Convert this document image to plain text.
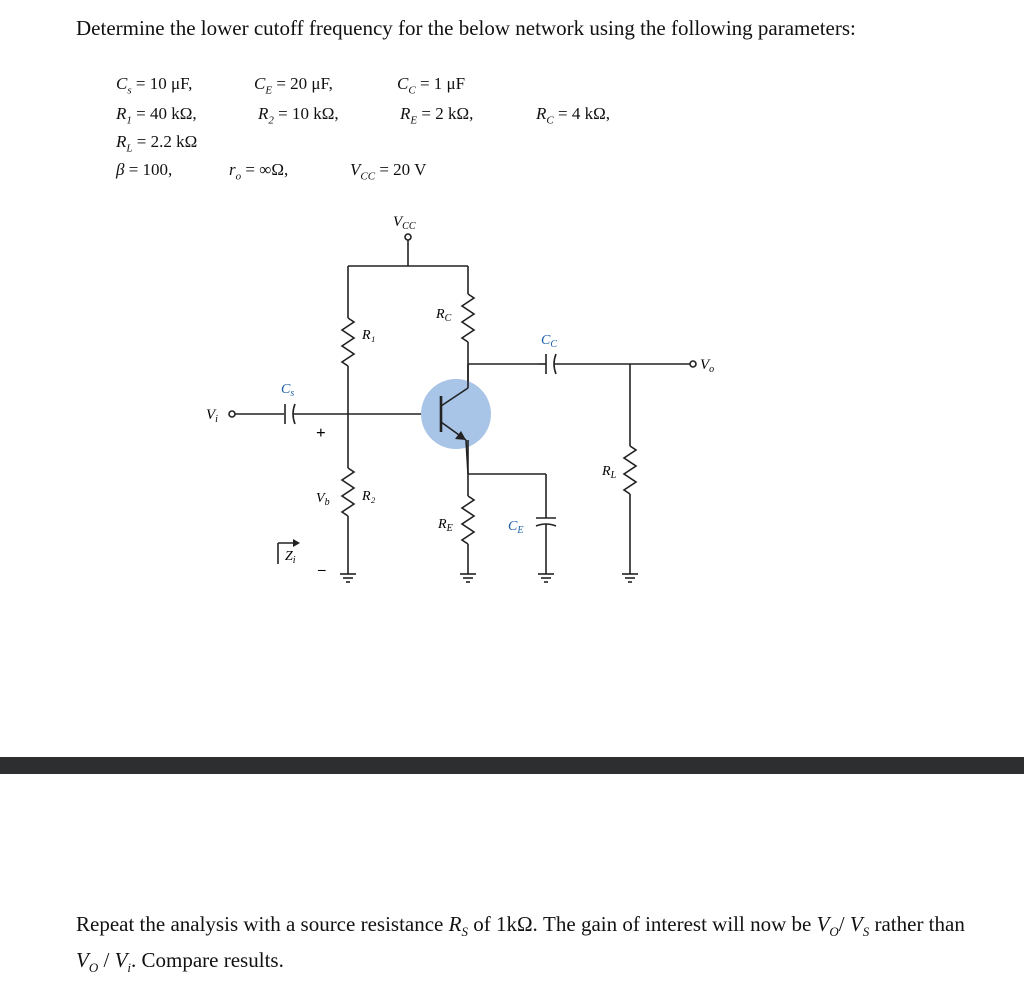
Determine the lower cutoff frequency for the below network using the following parameters:
$C_s = 10$ μF,	$C_E = 20$ μF,	$C_C = 1$ μF
$R_1 = 40$ kΩ,	$R_2 = 10$ kΩ,	$R_E = 2$ kΩ,	$R_C = 4$ kΩ,
$R_L = 2.2$ kΩ
β = 100,	$r_o = \infty\Omega$,	$V_{CC} = 20$ V
$V_{CC}$
R₁
R₂
$R_C$
$R_E$
$R_L$
$C_s$
$C_C$
$C_E$
$V_i$
$V_o$
$V_b$
$Z_i$
+
–
Repeat the analysis with a source resistance $R_S$ of 1kΩ. The gain of interest will now be $V_O/$ $V_S$ rather than $V_O / V_i$. Compare results.
